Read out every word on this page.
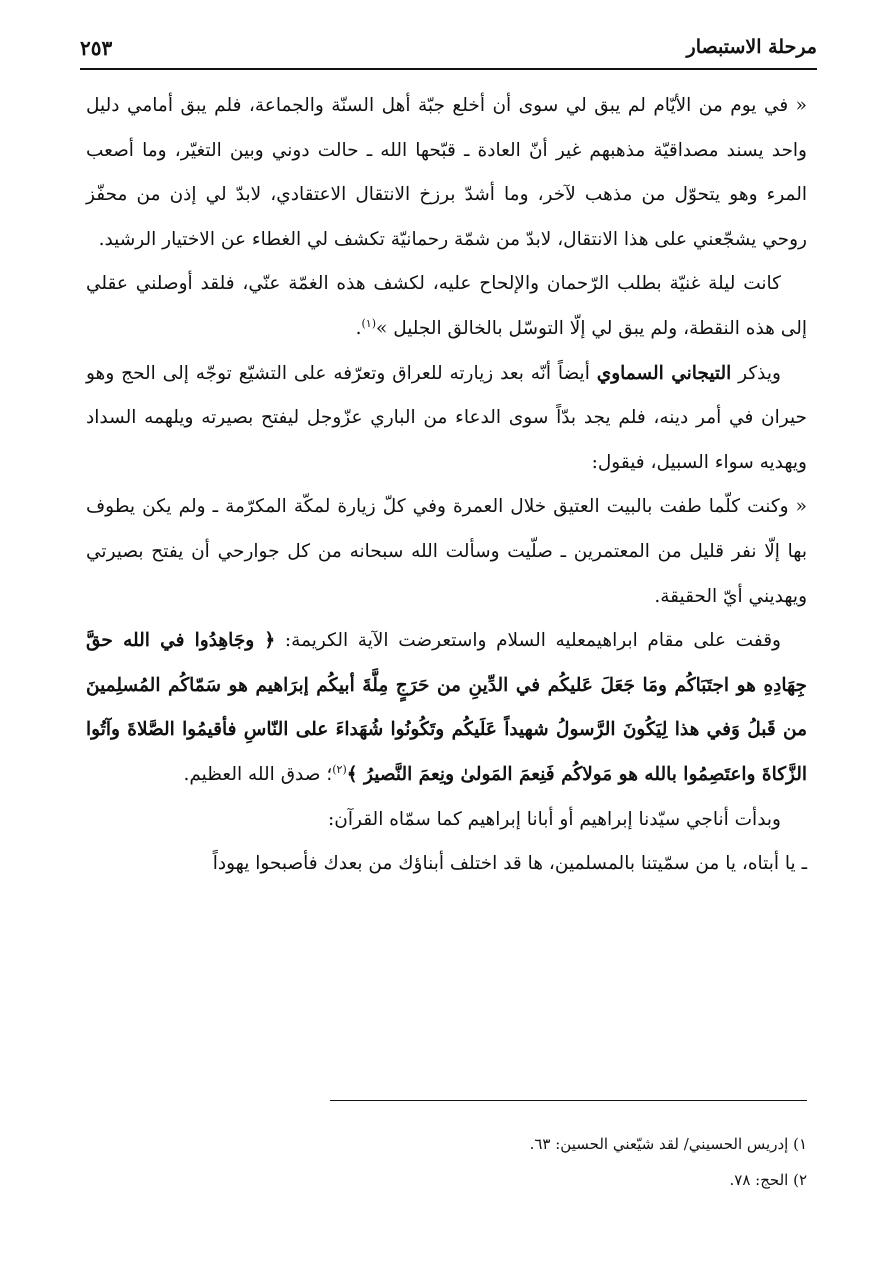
مرحلة الاستبصار
٢٥٣

« في يوم من الأيّام لم يبق لي سوى أن أخلع جبّة أهل السنّة والجماعة، فلم يبق أمامي دليل واحد يسند مصداقيّة مذهبهم غير أنّ العادة ـ قبّحها الله ـ حالت دوني وبين التغيّر، وما أصعب المرء وهو يتحوّل من مذهب لآخر، وما أشدّ برزخ الانتقال الاعتقادي، لابدّ لي إذن من محفّز روحي يشجّعني على هذا الانتقال، لابدّ من شمّة رحمانيّة تكشف لي الغطاء عن الاختيار الرشيد.

كانت ليلة غنيّة بطلب الرّحمان والإلحاح عليه، لكشف هذه الغمّة عنّي، فلقد أوصلني عقلي إلى هذه النقطة، ولم يبق لي إلّا التوسّل بالخالق الجليل »$^{(١)}$.

ويذكر التيجاني السماوي أيضاً أنّه بعد زيارته للعراق وتعرّفه على التشيّع توجّه إلى الحج وهو حيران في أمر دينه، فلم يجد بدّاً سوى الدعاء من الباري عزّوجل ليفتح بصيرته ويلهمه السداد ويهديه سواء السبيل، فيقول:

« وكنت كلّما طفت بالبيت العتيق خلال العمرة وفي كلّ زيارة لمكّة المكرّمة ـ ولم يكن يطوف بها إلّا نفر قليل من المعتمرين ـ صلّيت وسألت الله سبحانه من كل جوارحي أن يفتح بصيرتي ويهديني أيّ الحقيقة.

وقفت على مقام ابراهيمعليه السلام واستعرضت الآية الكريمة: ﴿ وجَاهِدُوا في الله حقَّ جِهَادِهِ هو اجتَبَاكُم ومَا جَعَلَ عَليكُم في الدِّينِ من حَرَجٍ مِلَّةَ أبيكُم إبرَاهيم هو سَمّاكُم المُسلِمينَ من قَبلُ وَفي هذا لِيَكُونَ الرَّسولُ شهيداً عَلَيكُم وتَكُونُوا شُهَداءَ على النّاسِ فأقيمُوا الصَّلاةَ وآتُوا الزَّكاةَ واعتَصِمُوا بالله هو مَولاكُم فَنِعمَ المَولىٰ ونِعمَ النَّصيرُ ﴾$^{(٢)}$؛ صدق الله العظيم.

وبدأت أناجي سيّدنا إبراهيم أو أبانا إبراهيم كما سمّاه القرآن:

ـ يا أبتاه، يا من سمّيتنا بالمسلمين، ها قد اختلف أبناؤك من بعدك فأصبحوا يهوداً

١) إدريس الحسيني/ لقد شيّعني الحسين: ٦٣.

٢) الحج: ٧٨.
